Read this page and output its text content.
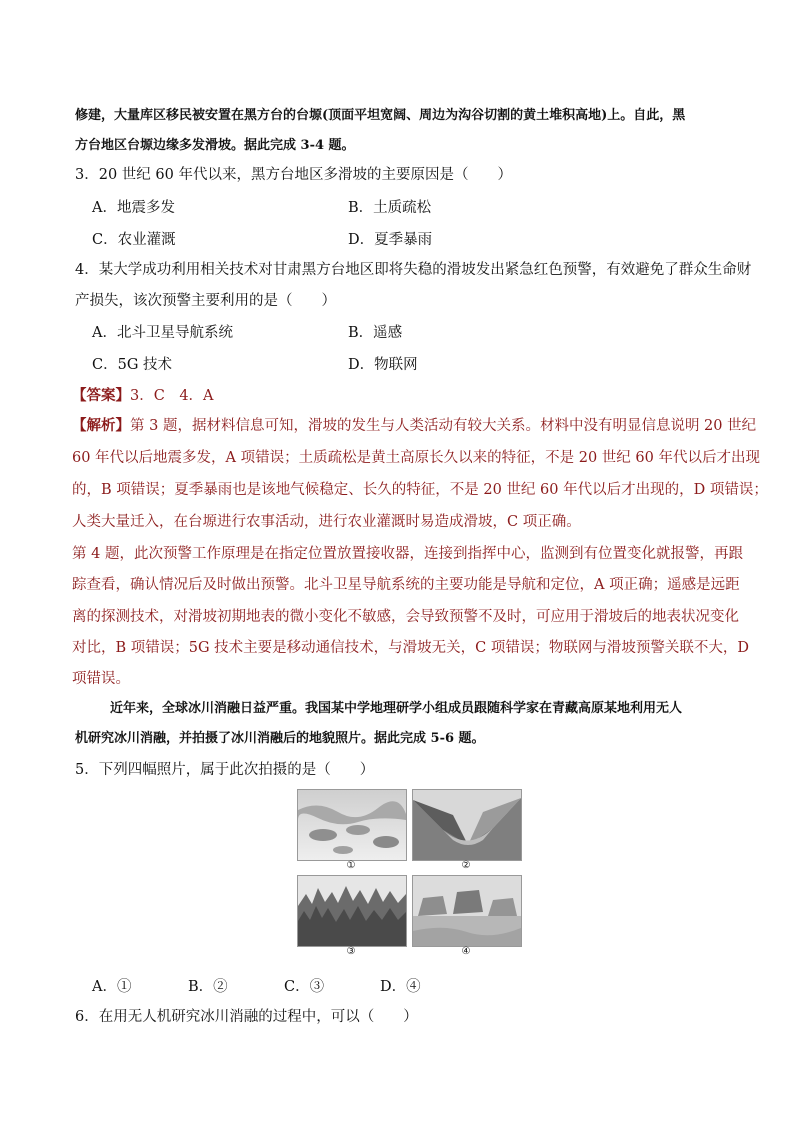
修建，大量库区移民被安置在黑方台的台塬(顶面平坦宽阔、周边为沟谷切割的黄土堆积高地)上。自此，黑
方台地区台塬边缘多发滑坡。据此完成 3-4 题。
3．20 世纪 60 年代以来，黑方台地区多滑坡的主要原因是（　　）
A．地震多发	B．土质疏松
C．农业灌溉	D．夏季暴雨
4．某大学成功利用相关技术对甘肃黑方台地区即将失稳的滑坡发出紧急红色预警，有效避免了群众生命财
产损失，该次预警主要利用的是（　　）
A．北斗卫星导航系统	B．遥感
C．5G 技术	D．物联网
【答案】3．C　4．A
【解析】第 3 题，据材料信息可知，滑坡的发生与人类活动有较大关系。材料中没有明显信息说明 20 世纪
60 年代以后地震多发，A 项错误；土质疏松是黄土高原长久以来的特征，不是 20 世纪 60 年代以后才出现
的，B 项错误；夏季暴雨也是该地气候稳定、长久的特征，不是 20 世纪 60 年代以后才出现的，D 项错误；
人类大量迁入，在台塬进行农事活动，进行农业灌溉时易造成滑坡，C 项正确。
第 4 题，此次预警工作原理是在指定位置放置接收器，连接到指挥中心，监测到有位置变化就报警，再跟
踪查看，确认情况后及时做出预警。北斗卫星导航系统的主要功能是导航和定位，A 项正确；遥感是远距
离的探测技术，对滑坡初期地表的微小变化不敏感，会导致预警不及时，可应用于滑坡后的地表状况变化
对比，B 项错误；5G 技术主要是移动通信技术，与滑坡无关，C 项错误；物联网与滑坡预警关联不大，D
项错误。
近年来，全球冰川消融日益严重。我国某中学地理研学小组成员跟随科学家在青藏高原某地利用无人
机研究冰川消融，并拍摄了冰川消融后的地貌照片。据此完成 5-6 题。
5．下列四幅照片，属于此次拍摄的是（　　）
①	②
③	④
A．①	B．②	C．③	D．④
6．在用无人机研究冰川消融的过程中，可以（　　）
